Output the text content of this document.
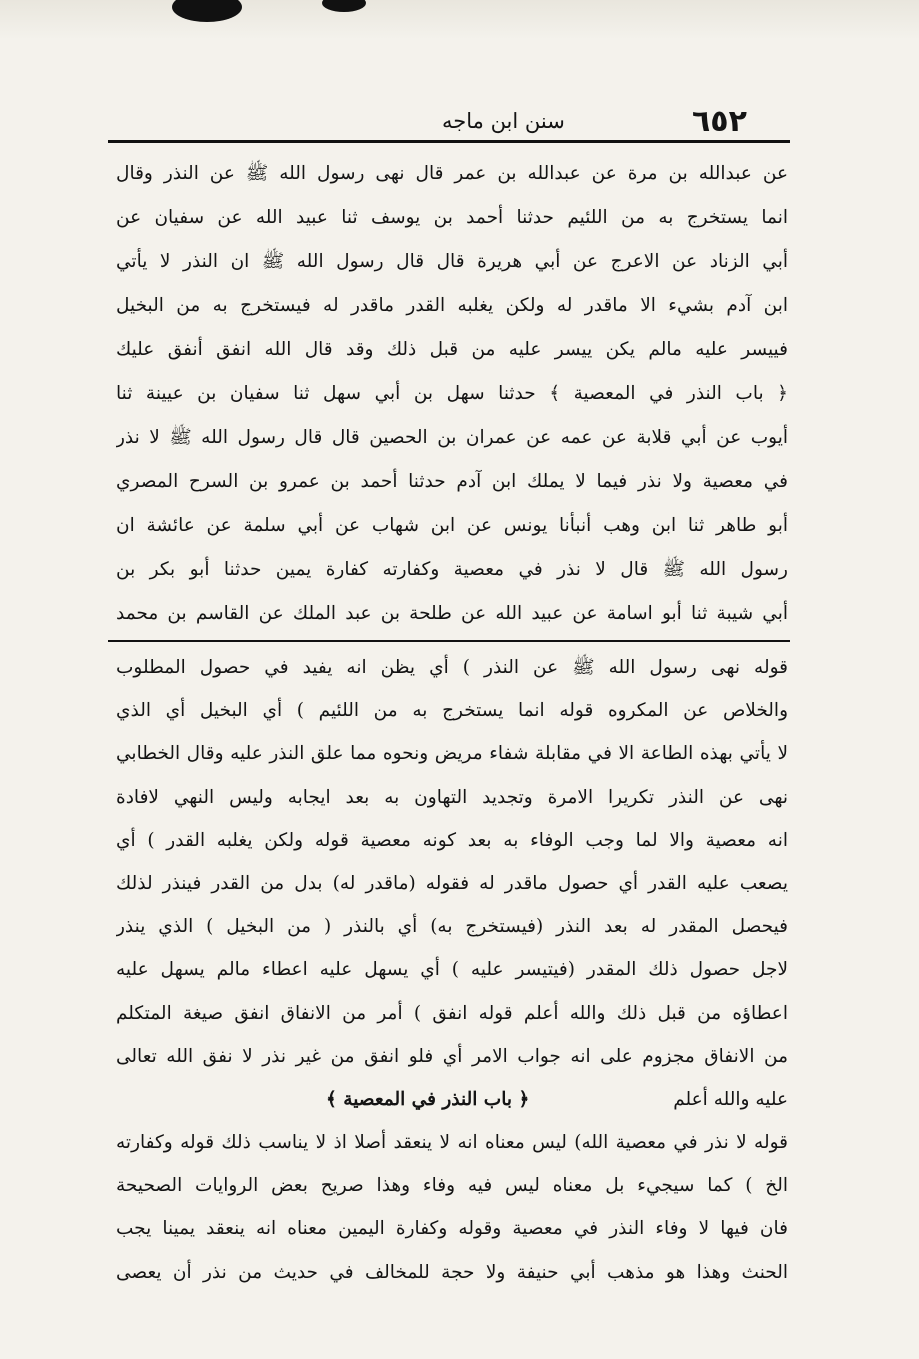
٦٥٢
سنن ابن ماجه
عن عبدالله بن مرة عن عبدالله بن عمر قال نهى رسول الله ﷺ عن النذر وقال
انما يستخرج به من اللئيم حدثنا أحمد بن يوسف ثنا عبيد الله عن سفيان عن
أبي الزناد عن الاعرج عن أبي هريرة قال قال رسول الله ﷺ ان النذر لا يأتي
ابن آدم بشيء الا ماقدر له ولكن يغلبه القدر ماقدر له فيستخرج به من البخيل
فييسر عليه مالم يكن ييسر عليه من قبل ذلك وقد قال الله انفق أنفق عليك
﴿ باب النذر في المعصية ﴾ حدثنا سهل بن أبي سهل ثنا سفيان بن عيينة ثنا
أيوب عن أبي قلابة عن عمه عن عمران بن الحصين قال قال رسول الله ﷺ لا نذر
في معصية ولا نذر فيما لا يملك ابن آدم حدثنا أحمد بن عمرو بن السرح المصري
أبو طاهر ثنا ابن وهب أنبأنا يونس عن ابن شهاب عن أبي سلمة عن عائشة ان
رسول الله ﷺ قال لا نذر في معصية وكفارته كفارة يمين حدثنا أبو بكر بن
أبي شيبة ثنا أبو اسامة عن عبيد الله عن طلحة بن عبد الملك عن القاسم بن محمد
قوله نهى رسول الله ﷺ عن النذر ) أي يظن انه يفيد في حصول المطلوب
والخلاص عن المكروه قوله انما يستخرج به من اللئيم ) أي البخيل أي الذي
لا يأتي بهذه الطاعة الا في مقابلة شفاء مريض ونحوه مما علق النذر عليه وقال الخطابي
نهى عن النذر تكريرا الامرة وتجديد التهاون به بعد ايجابه وليس النهي لافادة
انه معصية والا لما وجب الوفاء به بعد كونه معصية قوله ولكن يغلبه القدر ) أي
يصعب عليه القدر أي حصول ماقدر له فقوله (ماقدر له) بدل من القدر فينذر لذلك
فيحصل المقدر له بعد النذر (فيستخرج به) أي بالنذر ( من البخيل ) الذي ينذر
لاجل حصول ذلك المقدر (فيتيسر عليه ) أي يسهل عليه اعطاء مالم يسهل عليه
اعطاؤه من قبل ذلك والله أعلم قوله انفق ) أمر من الانفاق انفق صيغة المتكلم
من الانفاق مجزوم على انه جواب الامر أي فلو انفق من غير نذر لا نفق الله تعالى
عليه والله أعلم
﴿ باب النذر في المعصية ﴾
قوله لا نذر في معصية الله) ليس معناه انه لا ينعقد أصلا اذ لا يناسب ذلك قوله وكفارته
الخ ) كما سيجيء بل معناه ليس فيه وفاء وهذا صريح بعض الروايات الصحيحة
فان فيها لا وفاء النذر في معصية وقوله وكفارة اليمين معناه انه ينعقد يمينا يجب
الحنث وهذا هو مذهب أبي حنيفة ولا حجة للمخالف في حديث من نذر أن يعصى
